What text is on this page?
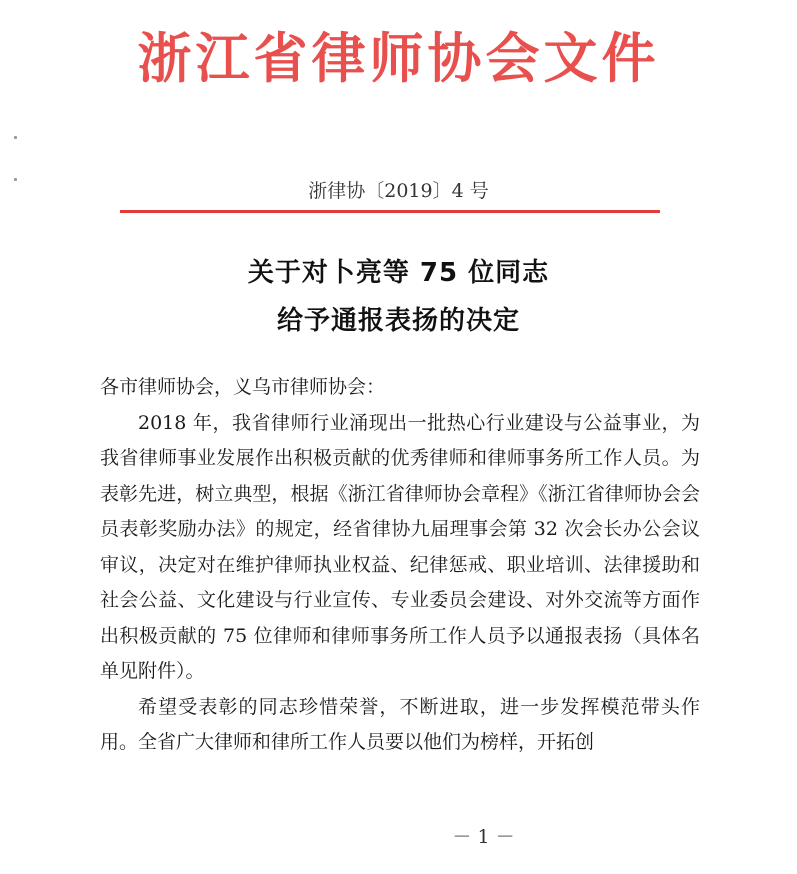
浙江省律师协会文件
浙律协〔2019〕4 号
关于对卜亮等 75 位同志
给予通报表扬的决定

各市律师协会，义乌市律师协会：

2018 年，我省律师行业涌现出一批热心行业建设与公益事业，为我省律师事业发展作出积极贡献的优秀律师和律师事务所工作人员。为表彰先进，树立典型，根据《浙江省律师协会章程》《浙江省律师协会会员表彰奖励办法》的规定，经省律协九届理事会第 32 次会长办公会议审议，决定对在维护律师执业权益、纪律惩戒、职业培训、法律援助和社会公益、文化建设与行业宣传、专业委员会建设、对外交流等方面作出积极贡献的 75 位律师和律师事务所工作人员予以通报表扬（具体名单见附件）。

希望受表彰的同志珍惜荣誉，不断进取，进一步发挥模范带头作用。全省广大律师和律所工作人员要以他们为榜样，开拓创

－ 1 －
